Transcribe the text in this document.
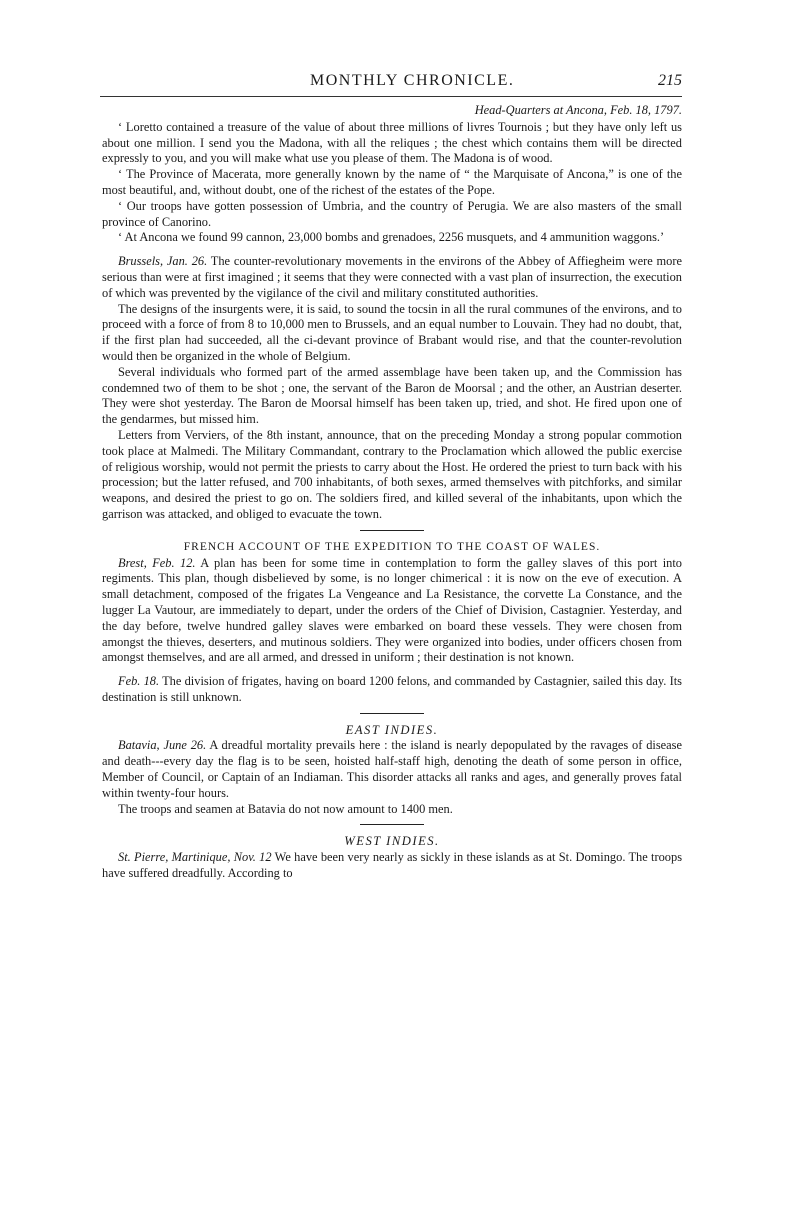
MONTHLY CHRONICLE.	215

Head-Quarters at Ancona, Feb. 18, 1797.

‘ Loretto contained a treasure of the value of about three millions of livres Tournois ; but they have only left us about one million. I send you the Madona, with all the reliques ; the chest which contains them will be directed expressly to you, and you will make what use you please of them. The Madona is of wood.

‘ The Province of Macerata, more generally known by the name of “ the Marquisate of Ancona,” is one of the most beautiful, and, without doubt, one of the richest of the estates of the Pope.

‘ Our troops have gotten possession of Umbria, and the country of Perugia. We are also masters of the small province of Canorino.

‘ At Ancona we found 99 cannon, 23,000 bombs and grenadoes, 2256 musquets, and 4 ammunition waggons.’

Brussels, Jan. 26. The counter-revolutionary movements in the environs of the Abbey of Affiegheim were more serious than were at first imagined ; it seems that they were connected with a vast plan of insurrection, the execution of which was prevented by the vigilance of the civil and military constituted authorities.

The designs of the insurgents were, it is said, to sound the tocsin in all the rural communes of the environs, and to proceed with a force of from 8 to 10,000 men to Brussels, and an equal number to Louvain. They had no doubt, that, if the first plan had succeeded, all the ci-devant province of Brabant would rise, and that the counter-revolution would then be organized in the whole of Belgium.

Several individuals who formed part of the armed assemblage have been taken up, and the Commission has condemned two of them to be shot ; one, the servant of the Baron de Moorsal ; and the other, an Austrian deserter. They were shot yesterday. The Baron de Moorsal himself has been taken up, tried, and shot. He fired upon one of the gendarmes, but missed him.

Letters from Verviers, of the 8th instant, announce, that on the preceding Monday a strong popular commotion took place at Malmedi. The Military Commandant, contrary to the Proclamation which allowed the public exercise of religious worship, would not permit the priests to carry about the Host. He ordered the priest to turn back with his procession; but the latter refused, and 700 inhabitants, of both sexes, armed themselves with pitchforks, and similar weapons, and desired the priest to go on. The soldiers fired, and killed several of the inhabitants, upon which the garrison was attacked, and obliged to evacuate the town.

FRENCH ACCOUNT OF THE EXPEDITION TO THE COAST OF WALES.

Brest, Feb. 12. A plan has been for some time in contemplation to form the galley slaves of this port into regiments. This plan, though disbelieved by some, is no longer chimerical : it is now on the eve of execution. A small detachment, composed of the frigates La Vengeance and La Resistance, the corvette La Constance, and the lugger La Vautour, are immediately to depart, under the orders of the Chief of Division, Castagnier. Yesterday, and the day before, twelve hundred galley slaves were embarked on board these vessels. They were chosen from amongst the thieves, deserters, and mutinous soldiers. They were organized into bodies, under officers chosen from amongst themselves, and are all armed, and dressed in uniform ; their destination is not known.

Feb. 18. The division of frigates, having on board 1200 felons, and commanded by Castagnier, sailed this day. Its destination is still unknown.

EAST INDIES.

Batavia, June 26. A dreadful mortality prevails here : the island is nearly depopulated by the ravages of disease and death---every day the flag is to be seen, hoisted half-staff high, denoting the death of some person in office, Member of Council, or Captain of an Indiaman. This disorder attacks all ranks and ages, and generally proves fatal within twenty-four hours.

The troops and seamen at Batavia do not now amount to 1400 men.

WEST INDIES.

St. Pierre, Martinique, Nov. 12 We have been very nearly as sickly in these islands as at St. Domingo. The troops have suffered dreadfully. According to
